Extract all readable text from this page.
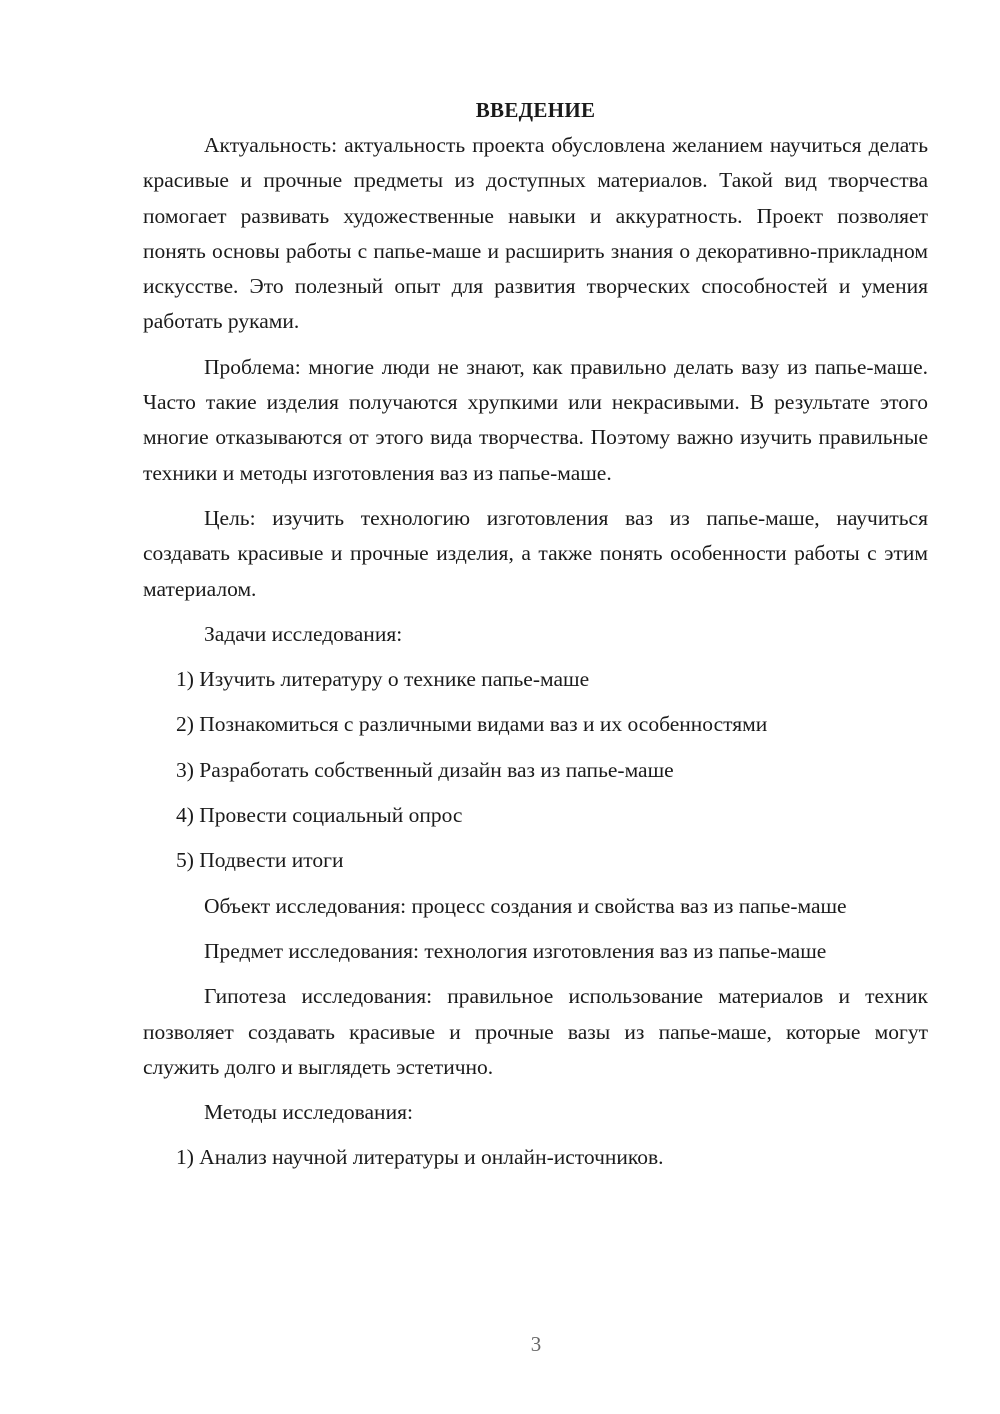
ВВЕДЕНИЕ

Актуальность: актуальность проекта обусловлена желанием научиться делать красивые и прочные предметы из доступных материалов. Такой вид творчества помогает развивать художественные навыки и аккуратность. Проект позволяет понять основы работы с папье-маше и расширить знания о декоративно-прикладном искусстве. Это полезный опыт для развития творческих способностей и умения работать руками.

Проблема: многие люди не знают, как правильно делать вазу из папье-маше. Часто такие изделия получаются хрупкими или некрасивыми. В результате этого многие отказываются от этого вида творчества. Поэтому важно изучить правильные техники и методы изготовления ваз из папье-маше.

Цель: изучить технологию изготовления ваз из папье-маше, научиться создавать красивые и прочные изделия, а также понять особенности работы с этим материалом.

Задачи исследования:
1) Изучить литературу о технике папье-маше
2) Познакомиться с различными видами ваз и их особенностями
3) Разработать собственный дизайн ваз из папье-маше
4) Провести социальный опрос
5) Подвести итоги

Объект исследования: процесс создания и свойства ваз из папье-маше

Предмет исследования: технология изготовления ваз из папье-маше

Гипотеза исследования: правильное использование материалов и техник позволяет создавать красивые и прочные вазы из папье-маше, которые могут служить долго и выглядеть эстетично.

Методы исследования:
1) Анализ научной литературы и онлайн-источников.
3
